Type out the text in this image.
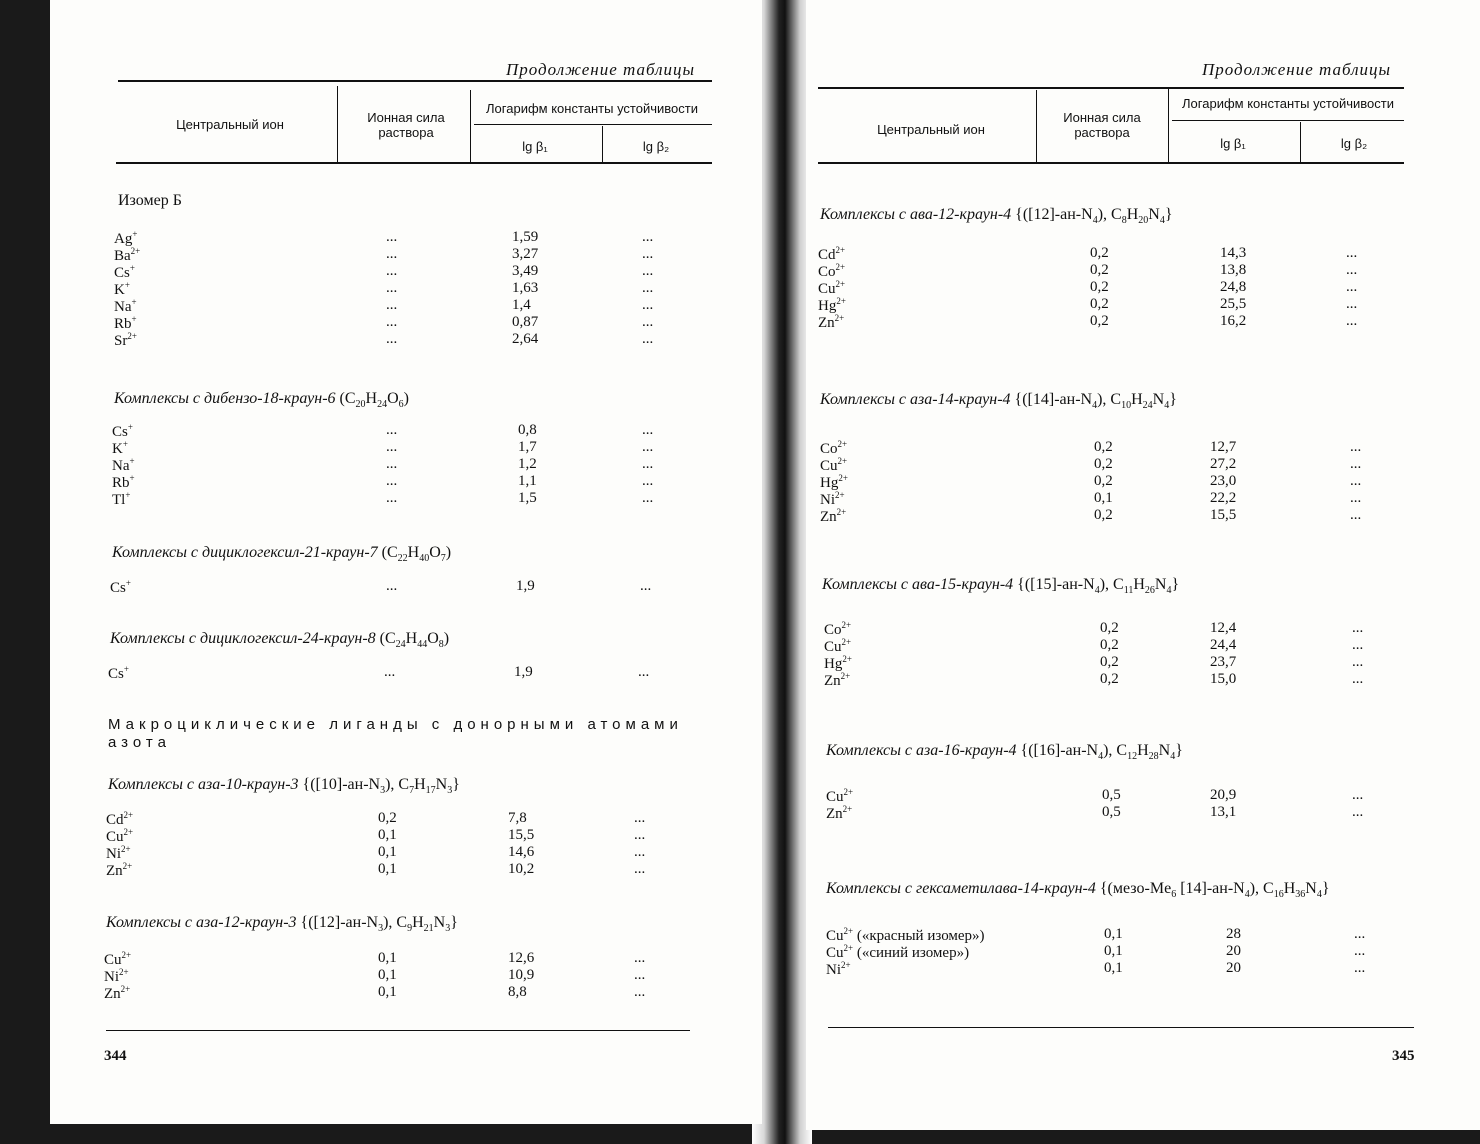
Продолжение таблицы
Центральный ион	Ионная сила раствора
Логарифм константы устойчивости
lg β₁	lg β₂
Изомер Б
Ag+	...	1,59	...
$Ba^{2+}$	...	3,27	...
Cs+	...	3,49	...
K+	...	1,63	...
Na+	...	1,4	...
Rb+	...	0,87	...
$Sr^{2+}$	...	2,64	...
Комплексы с дибензо-18-краун-6 $(C_{20}H_{24}O_6)$
Cs+	...	0,8	...
K+	...	1,7	...
Na+	...	1,2	...
Rb+	...	1,1	...
Tl+	...	1,5	...
Комплексы с дициклогексил-21-краун-7 $(C_{22}H_{40}O_7)$
Cs+	...	1,9	...
Комплексы с дициклогексил-24-краун-8 $(C_{24}H_{44}O_8)$
Cs+	...	1,9	...
Макроциклические лиганды с донорными атомами азота
Комплексы с аза-10-краун-3 {$([10]-ан-N_3)$, $C_7H_{17}N_3$}
$Cd^{2+}$	0,2	7,8	...
$Cu^{2+}$	0,1	15,5	...
$Ni^{2+}$	0,1	14,6	...
$Zn^{2+}$	0,1	10,2	...
Комплексы с аза-12-краун-3 {$([12]-ан-N_3)$, $C_9H_{21}N_3$}
$Cu^{2+}$	0,1	12,6	...
$Ni^{2+}$	0,1	10,9	...
$Zn^{2+}$	0,1	8,8	...
344
Продолжение таблицы
Центральный ион
Ионная сила раствора
Логарифм константы устойчивости
lg β₁	lg β₂
Комплексы с ава-12-краун-4 {$([12]-ан-N_4)$, $C_8H_{20}N_4$}
$Cd^{2+}$	0,2	14,3	...
$Co^{2+}$	0,2	13,8	...
$Cu^{2+}$	0,2	24,8	...
$Hg^{2+}$	0,2	25,5	...
$Zn^{2+}$	0,2	16,2	...
Комплексы с аза-14-краун-4 {$([14]-ан-N_4)$, $C_{10}H_{24}N_4$}
$Co^{2+}$	0,2	12,7	...
$Cu^{2+}$	0,2	27,2	...
$Hg^{2+}$	0,2	23,0	...
$Ni^{2+}$	0,1	22,2	...
$Zn^{2+}$	0,2	15,5	...
Комплексы с ава-15-краун-4 {$([15]-ан-N_4)$, $C_{11}H_{26}N_4$}
$Co^{2+}$	0,2	12,4	...
$Cu^{2+}$	0,2	24,4	...
$Hg^{2+}$	0,2	23,7	...
$Zn^{2+}$	0,2	15,0	...
Комплексы с аза-16-краун-4 {$([16]-ан-N_4)$, $C_{12}H_{28}N_4$}
$Cu^{2+}$	0,5	20,9	...
$Zn^{2+}$	0,5	13,1	...
Комплексы с гексаметилава-14-краун-4 {($мезо-Me_6$ $[14]-ан-N_4$), $C_{16}H_{36}N_4$}
$Cu^{2+}$ («красный изомер»)	0,1	28	...
$Cu^{2+}$ («синий изомер»)	0,1	20	...
$Ni^{2+}$	0,1	20	...
345
